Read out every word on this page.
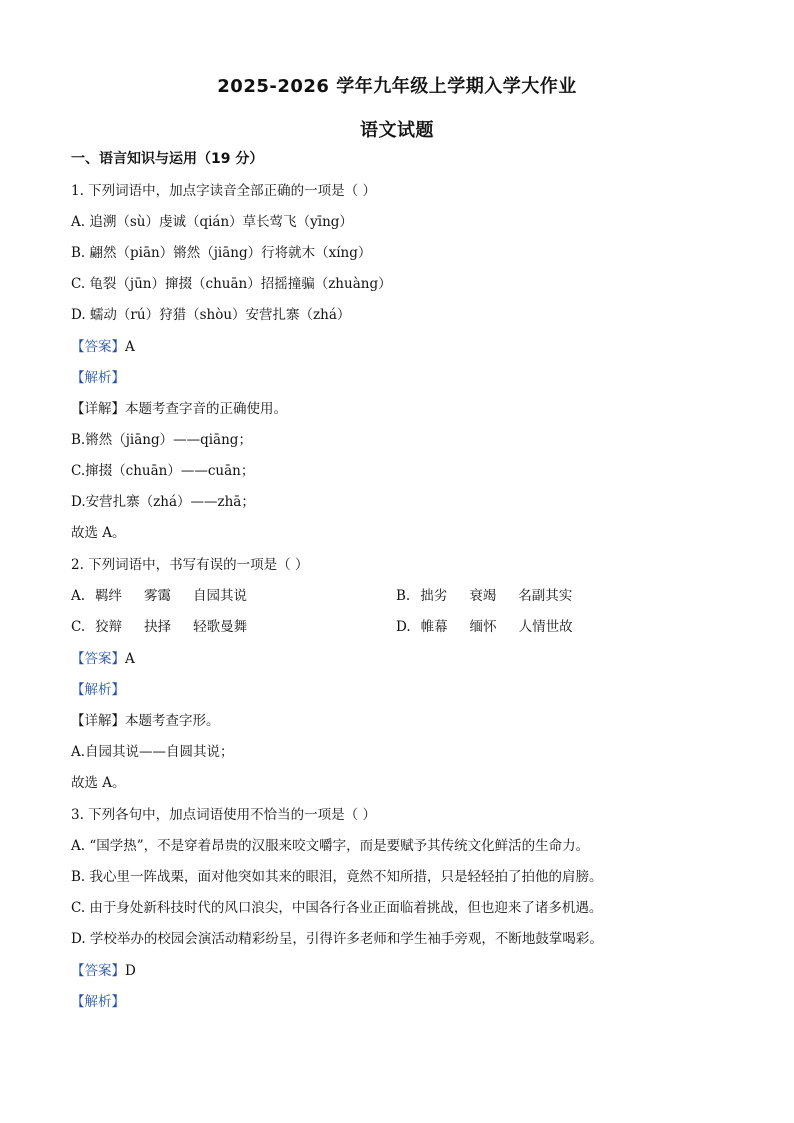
2025-2026 学年九年级上学期入学大作业
语文试题
一、语言知识与运用（19 分）
1. 下列词语中，加点字读音全部正确的一项是（ ）
A. 追溯（sù）虔诚（qián）草长莺飞（yīng）
B. 翩然（piān）锵然（jiāng）行将就木（xíng）
C. 龟裂（jūn）撺掇（chuān）招摇撞骗（zhuàng）
D. 蠕动（rú）狩猎（shòu）安营扎寨（zhá）
【答案】A
【解析】
【详解】本题考查字音的正确使用。
B.锵然（jiāng）——qiāng；
C.撺掇（chuān）——cuān；
D.安营扎寨（zhá）——zhā；
故选 A。
2. 下列词语中，书写有误的一项是（ ）
A. 羁绊 雾霭 自园其说	B. 拙劣 衰竭 名副其实
C. 狡辩 抉择 轻歌曼舞	D. 帷幕 缅怀 人情世故
【答案】A
【解析】
【详解】本题考查字形。
A.自园其说——自圆其说；
故选 A。
3. 下列各句中，加点词语使用不恰当的一项是（ ）
A. “国学热”，不是穿着昂贵的汉服来咬文嚼字，而是要赋予其传统文化鲜活的生命力。
B. 我心里一阵战栗，面对他突如其来的眼泪，竟然不知所措，只是轻轻拍了拍他的肩膀。
C. 由于身处新科技时代的风口浪尖，中国各行各业正面临着挑战，但也迎来了诸多机遇。
D. 学校举办的校园会演活动精彩纷呈，引得许多老师和学生袖手旁观，不断地鼓掌喝彩。
【答案】D
【解析】
